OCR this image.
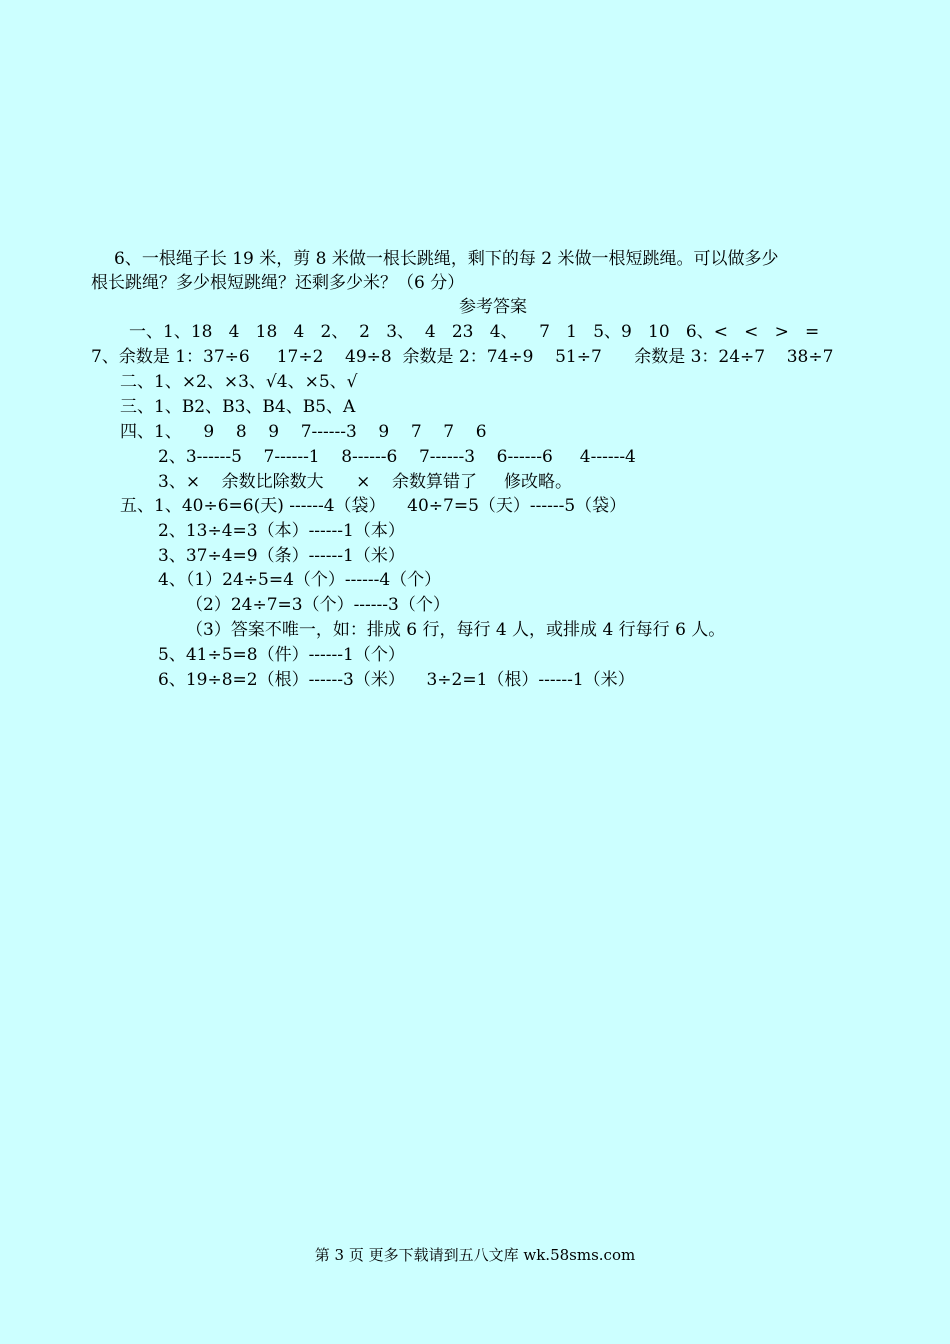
6、一根绳子长 19 米，剪 8 米做一根长跳绳，剩下的每 2 米做一根短跳绳。可以做多少
根长跳绳？多少根短跳绳？还剩多少米？（6 分）
参考答案
一、1、18   4   18   4   2、  2   3、  4   23   4、    7   1   5、9   10   6、<   <   >   =
7、余数是 1：37÷6     17÷2    49÷8  余数是 2：74÷9    51÷7      余数是 3：24÷7    38÷7
二、1、×2、×3、√4、×5、√
三、1、B2、B3、B4、B5、A
四、1、    9    8    9    7------3    9    7    7    6
2、3------5    7------1    8------6    7------3    6------6     4------4
3、×    余数比除数大      ×    余数算错了     修改略。
五、1、40÷6=6(天) ------4（袋）    40÷7=5（天）------5（袋）
2、13÷4=3（本）------1（本）
3、37÷4=9（条）------1（米）
4、（1）24÷5=4（个）------4（个）
（2）24÷7=3（个）------3（个）
（3）答案不唯一，如：排成 6 行，每行 4 人，或排成 4 行每行 6 人。
5、41÷5=8（件）------1（个）
6、19÷8=2（根）------3（米）    3÷2=1（根）------1（米）
第 3 页 更多下载请到五八文库 wk.58sms.com
